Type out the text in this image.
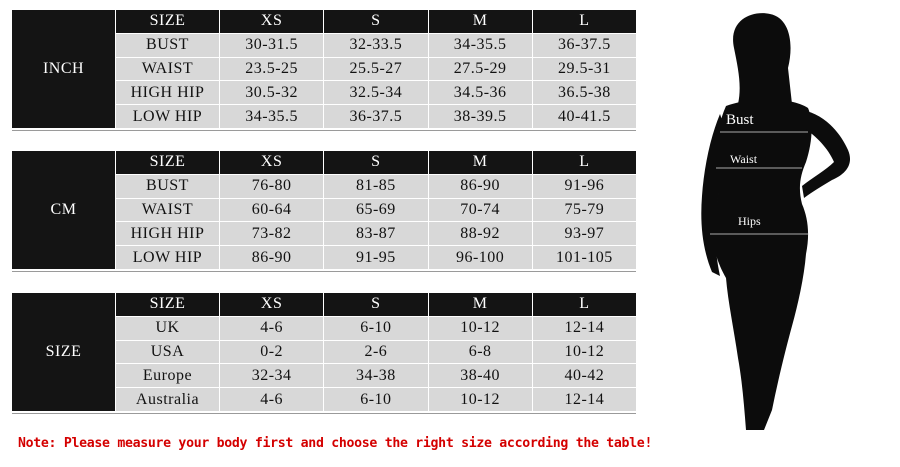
INCH
SIZE	XS	S	M	L
BUST	30-31.5	32-33.5	34-35.5	36-37.5
WAIST	23.5-25	25.5-27	27.5-29	29.5-31
HIGH HIP	30.5-32	32.5-34	34.5-36	36.5-38
LOW HIP	34-35.5	36-37.5	38-39.5	40-41.5
CM
SIZE	XS	S	M	L
BUST	76-80	81-85	86-90	91-96
WAIST	60-64	65-69	70-74	75-79
HIGH HIP	73-82	83-87	88-92	93-97
LOW HIP	86-90	91-95	96-100	101-105
SIZE
SIZE	XS	S	M	L
UK	4-6	6-10	10-12	12-14
USA	0-2	2-6	6-8	10-12
Europe	32-34	34-38	38-40	40-42
Australia	4-6	6-10	10-12	12-14
Note: Please measure your body first and choose the right size according the table!
Bust
Waist
Hips
